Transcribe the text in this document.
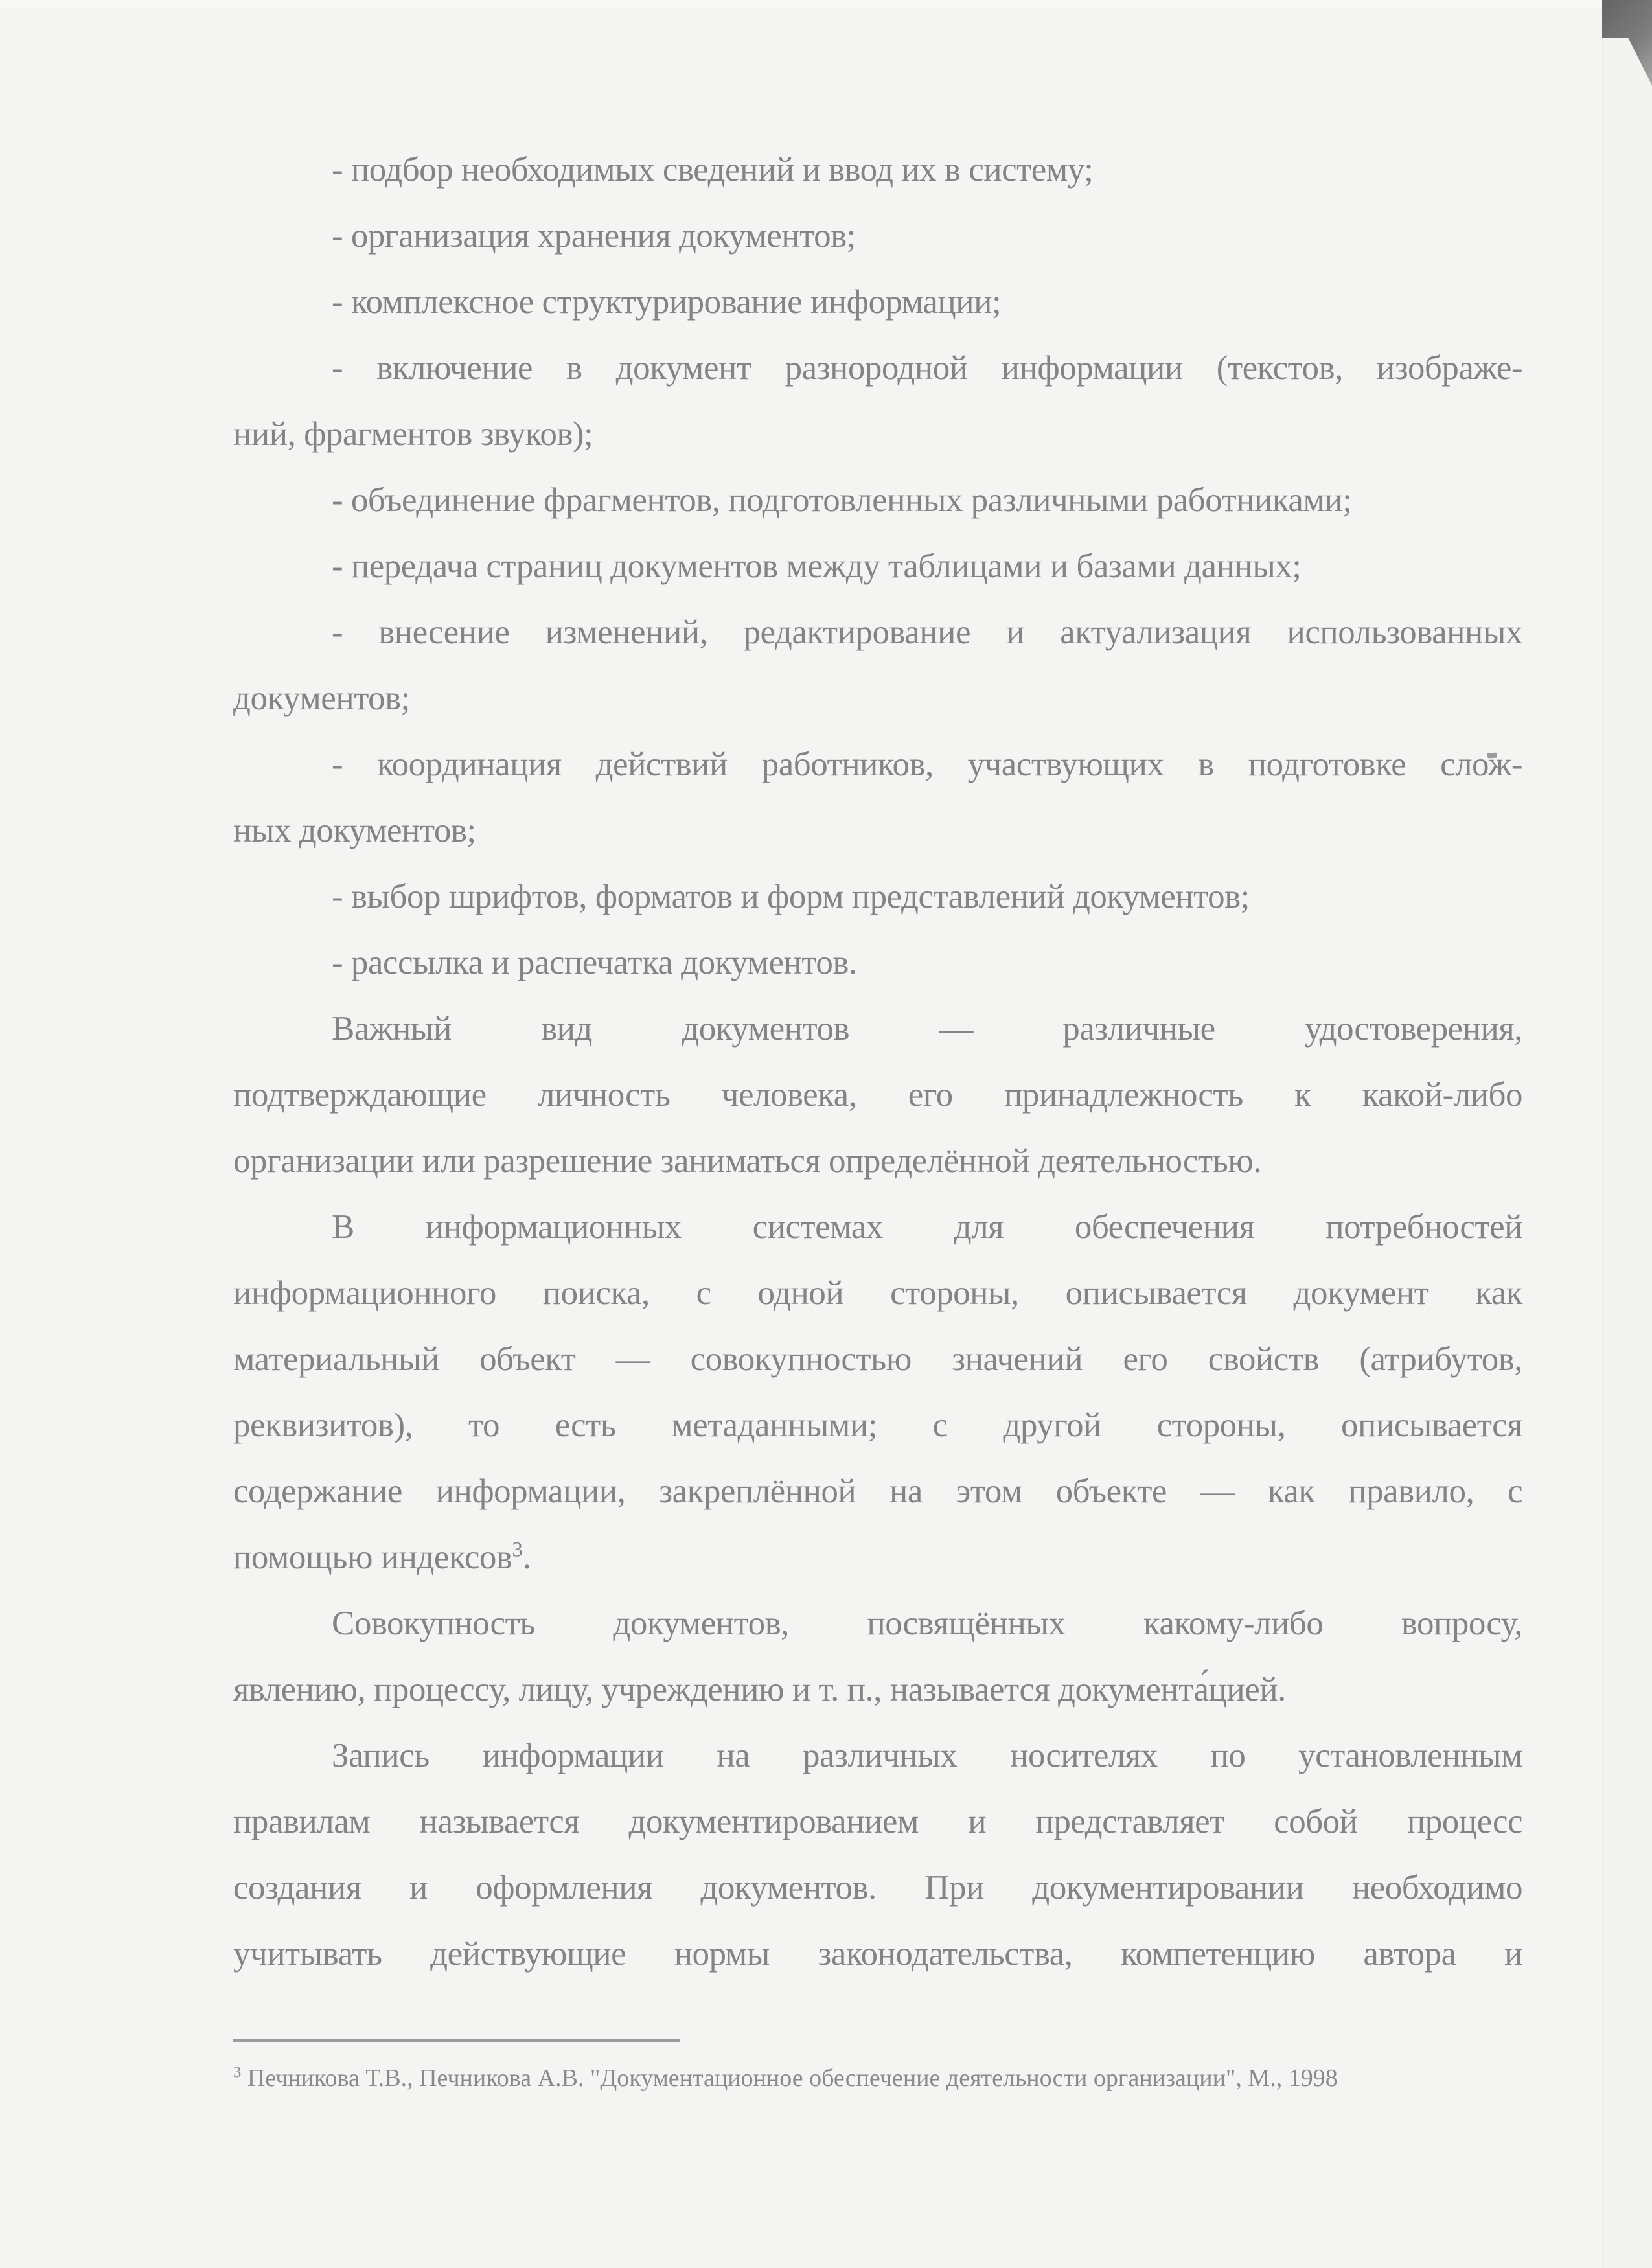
- подбор необходимых сведений и ввод их в систему;
- организация хранения документов;
- комплексное структурирование информации;
- включение в документ разнородной информации (текстов, изображе-
ний, фрагментов звуков);
- объединение фрагментов, подготовленных различными работниками;
- передача страниц документов между таблицами и базами данных;
- внесение изменений, редактирование и актуализация использованных
документов;
- координация действий работников, участвующих в подготовке слож-
ных документов;
- выбор шрифтов, форматов и форм представлений документов;
- рассылка и распечатка документов.
Важный вид документов — различные удостоверения,
подтверждающие личность человека, его принадлежность к какой-либо
организации или разрешение заниматься определённой деятельностью.
В информационных системах для обеспечения потребностей
информационного поиска, с одной стороны, описывается документ как
материальный объект — совокупностью значений его свойств (атрибутов,
реквизитов), то есть метаданными; с другой стороны, описывается
содержание информации, закреплённой на этом объекте — как правило, с
помощью индексов$^3$.
Совокупность документов, посвящённых какому-либо вопросу,
явлению, процессу, лицу, учреждению и т. п., называется документа́цией.
Запись информации на различных носителях по установленным
правилам называется документированием и представляет собой процесс
создания и оформления документов. При документировании необходимо
учитывать действующие нормы законодательства, компетенцию автора и
$^3$ Печникова Т.В., Печникова А.В. "Документационное обеспечение деятельности организации", М., 1998
